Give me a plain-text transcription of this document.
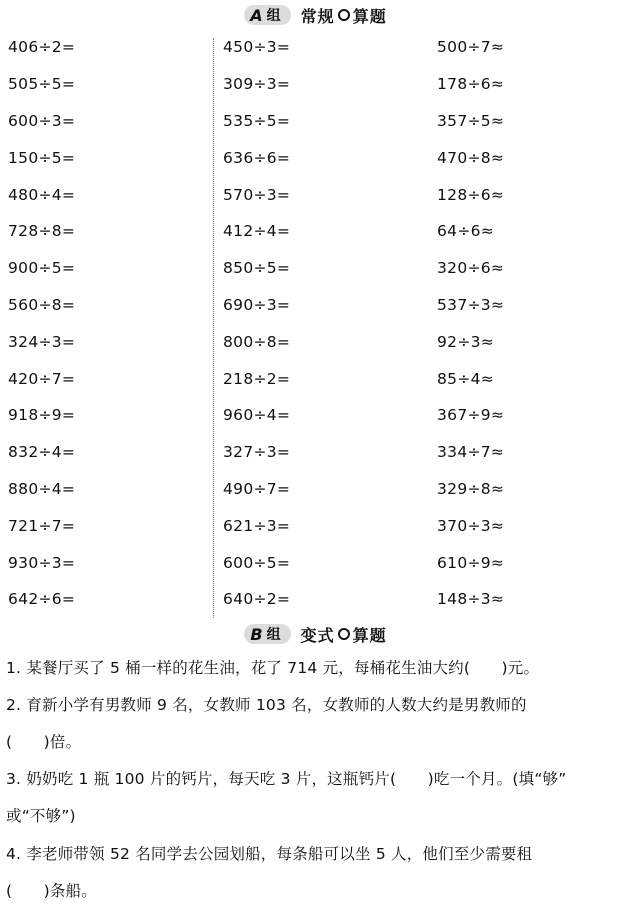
A 组 常规 算题
406÷2=
505÷5=
600÷3=
150÷5=
480÷4=
728÷8=
900÷5=
560÷8=
324÷3=
420÷7=
918÷9=
832÷4=
880÷4=
721÷7=
930÷3=
642÷6=
450÷3=
309÷3=
535÷5=
636÷6=
570÷3=
412÷4=
850÷5=
690÷3=
800÷8=
218÷2=
960÷4=
327÷3=
490÷7=
621÷3=
600÷5=
640÷2=
500÷7≈
178÷6≈
357÷5≈
470÷8≈
128÷6≈
64÷6≈
320÷6≈
537÷3≈
92÷3≈
85÷4≈
367÷9≈
334÷7≈
329÷8≈
370÷3≈
610÷9≈
148÷3≈
B 组 变式 算题
1. 某餐厅买了 5 桶一样的花生油，花了 714 元，每桶花生油大约(　　)元。
2. 育新小学有男教师 9 名，女教师 103 名，女教师的人数大约是男教师的
(　　)倍。
3. 奶奶吃 1 瓶 100 片的钙片，每天吃 3 片，这瓶钙片(　　)吃一个月。(填“够”
或“不够”)
4. 李老师带领 52 名同学去公园划船，每条船可以坐 5 人，他们至少需要租
(　　)条船。
